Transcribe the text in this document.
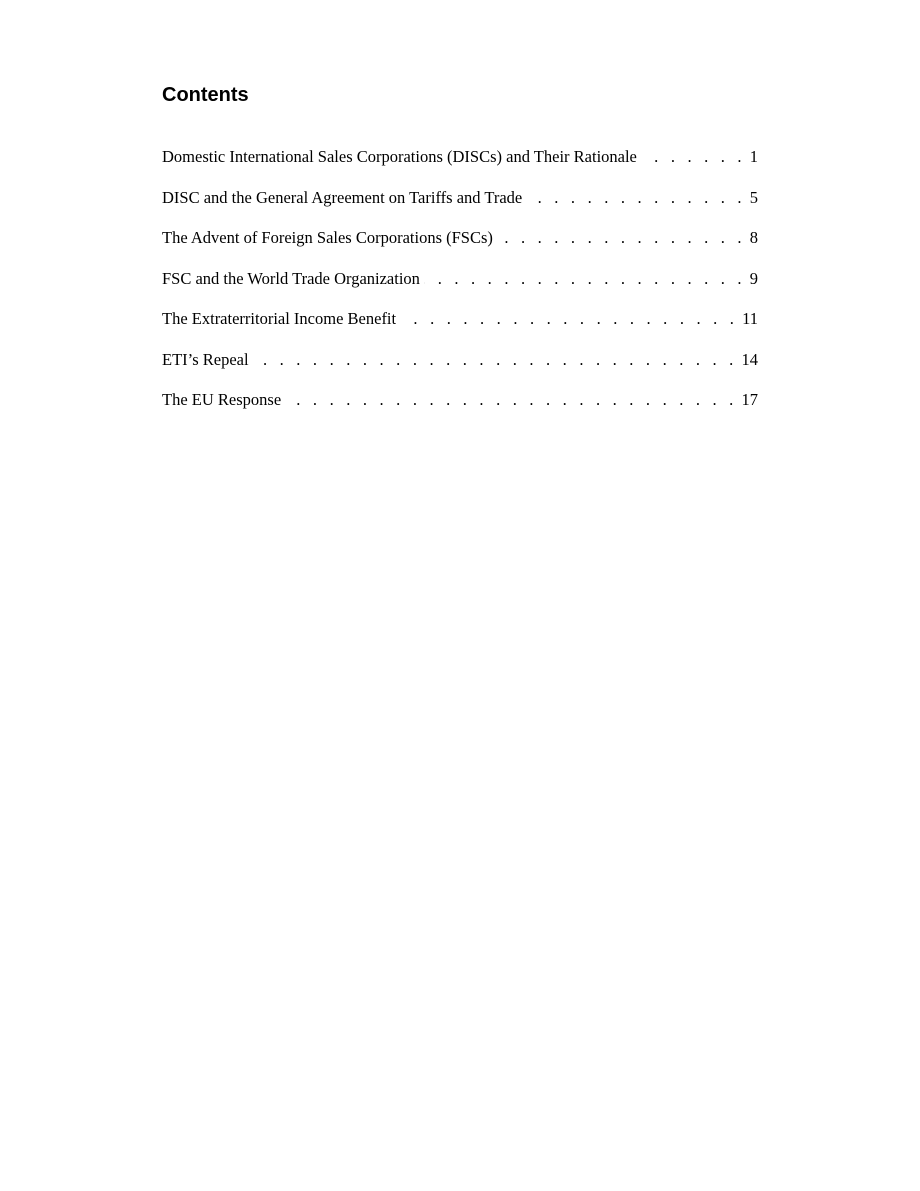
Contents
Domestic International Sales Corporations (DISCs) and Their Rationale . . .	1
DISC and the General Agreement on Tariffs and Trade . . .	5
The Advent of Foreign Sales Corporations (FSCs) . . .	8
FSC and the World Trade Organization . . .	9
The Extraterritorial Income Benefit . . .	11
ETI’s Repeal . . .	14
The EU Response . . .	17
